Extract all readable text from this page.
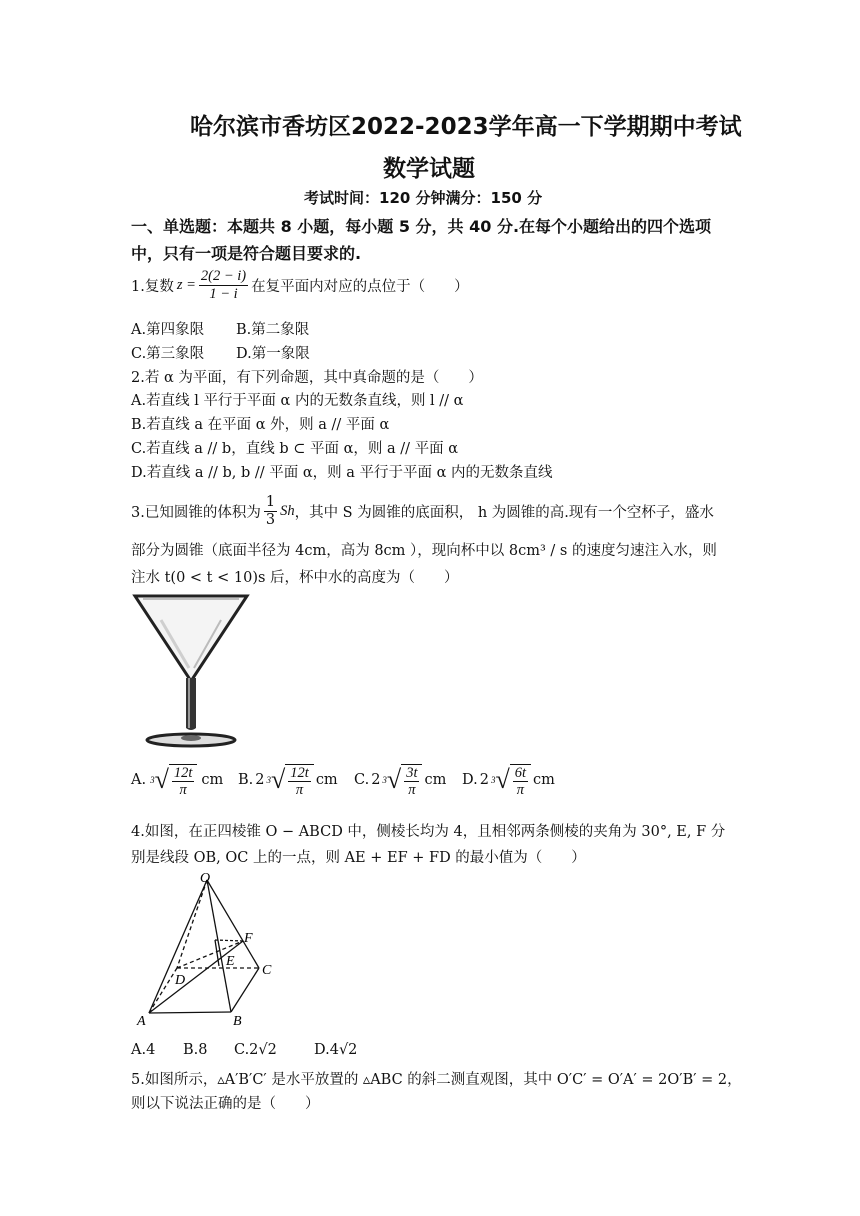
哈尔滨市香坊区2022-2023学年高一下学期期中考试
数学试题
考试时间：120 分钟满分：150 分
一、单选题：本题共 8 小题，每小题 5 分，共 40 分.在每个小题给出的四个选项
中，只有一项是符合题目要求的.
1.复数 $z = \frac{2(2 - i)}{1 - i}$ 在复平面内对应的点位于（　　）
A.第四象限 B.第二象限
C.第三象限 D.第一象限
2.若 α 为平面，有下列命题，其中真命题的是（　　）
A.若直线 l 平行于平面 α 内的无数条直线，则 l // α
B.若直线 a 在平面 α 外，则 a // 平面 α
C.若直线 a // b，直线 b ⊂ 平面 α，则 a // 平面 α
D.若直线 a // b, b // 平面 α，则 a 平行于平面 α 内的无数条直线
3.已知圆锥的体积为 $\frac{1}{3}$ Sh ，其中 S 为圆锥的底面积， h 为圆锥的高.现有一个空杯子，盛水
部分为圆锥（底面半径为 4cm，高为 8cm ），现向杯中以 8cm³ / s 的速度匀速注入水，则
注水 t(0 < t < 10)s 后，杯中水的高度为（　　）
A. $3√ \frac{12t}{\pi}$ cm B. 2 $3√ \frac{12t}{\pi}$ cm C. 2 $3√ \frac{3t}{\pi}$ cm D. 2 $3√ \frac{6t}{\pi}$ cm
4.如图，在正四棱锥 O − ABCD 中，侧棱长均为 4，且相邻两条侧棱的夹角为 30°, E, F 分
别是线段 OB, OC 上的一点，则 AE + EF + FD 的最小值为（　　）
O
A	B
C
D
E
F
A.4 B.8 C.2√2	D.4√2
5.如图所示，▵A′B′C′ 是水平放置的 ▵ABC 的斜二测直观图，其中 O′C′ = O′A′ = 2O′B′ = 2，
则以下说法正确的是（　　）
